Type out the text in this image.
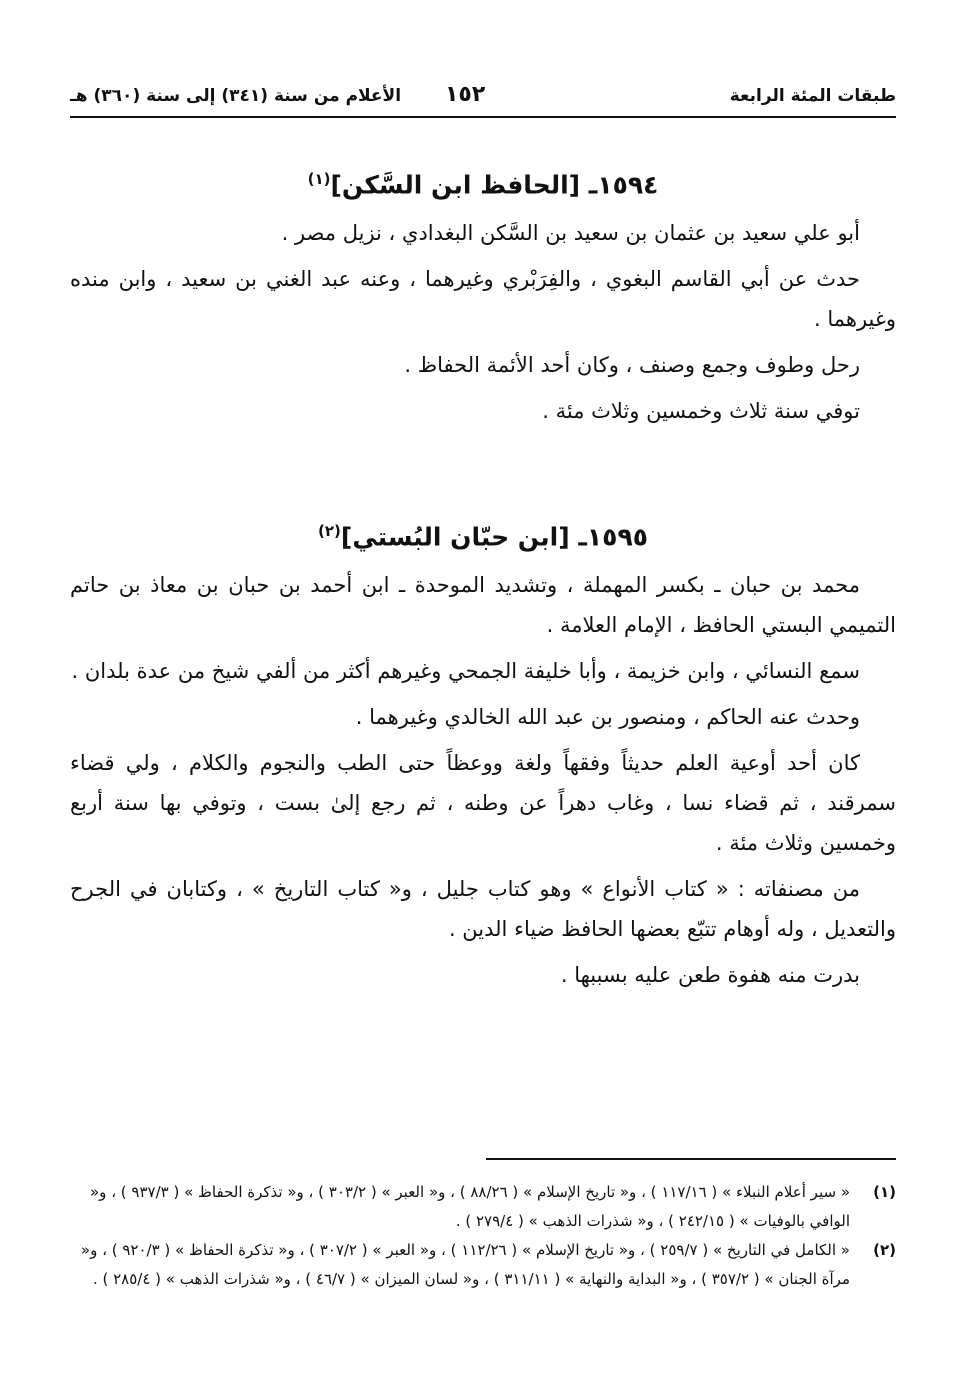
طبقات المئة الرابعة
١٥٢
الأعلام من سنة (٣٤١) إلى سنة (٣٦٠) هـ
١٥٩٤ـ [الحافظ ابن السَّكن]$^{(١)}$

أبو علي سعيد بن عثمان بن سعيد بن السَّكن البغدادي ، نزيل مصر .

حدث عن أبي القاسم البغوي ، والفِرَبْري وغيرهما ، وعنه عبد الغني بن سعيد ، وابن منده وغيرهما .

رحل وطوف وجمع وصنف ، وكان أحد الأئمة الحفاظ .

توفي سنة ثلاث وخمسين وثلاث مئة .

١٥٩٥ـ [ابن حبّان البُستي]$^{(٢)}$

محمد بن حبان ـ بكسر المهملة ، وتشديد الموحدة ـ ابن أحمد بن حبان بن معاذ بن حاتم التميمي البستي الحافظ ، الإمام العلامة .

سمع النسائي ، وابن خزيمة ، وأبا خليفة الجمحي وغيرهم أكثر من ألفي شيخ من عدة بلدان .

وحدث عنه الحاكم ، ومنصور بن عبد الله الخالدي وغيرهما .

كان أحد أوعية العلم حديثاً وفقهاً ولغة ووعظاً حتى الطب والنجوم والكلام ، ولي قضاء سمرقند ، ثم قضاء نسا ، وغاب دهراً عن وطنه ، ثم رجع إلىٰ بست ، وتوفي بها سنة أربع وخمسين وثلاث مئة .

من مصنفاته : « كتاب الأنواع » وهو كتاب جليل ، و« كتاب التاريخ » ، وكتابان في الجرح والتعديل ، وله أوهام تتبّع بعضها الحافظ ضياء الدين .

بدرت منه هفوة طعن عليه بسببها .

(١)
« سير أعلام النبلاء » ( ١١٧/١٦ ) ، و« تاريخ الإسلام » ( ٨٨/٢٦ ) ، و« العبر » ( ٣٠٣/٢ ) ، و« تذكرة الحفاظ » ( ٩٣٧/٣ ) ، و« الوافي بالوفيات » ( ٢٤٢/١٥ ) ، و« شذرات الذهب » ( ٢٧٩/٤ ) .

(٢)
« الكامل في التاريخ » ( ٢٥٩/٧ ) ، و« تاريخ الإسلام » ( ١١٢/٢٦ ) ، و« العبر » ( ٣٠٧/٢ ) ، و« تذكرة الحفاظ » ( ٩٢٠/٣ ) ، و« مرآة الجنان » ( ٣٥٧/٢ ) ، و« البداية والنهاية » ( ٣١١/١١ ) ، و« لسان الميزان » ( ٤٦/٧ ) ، و« شذرات الذهب » ( ٢٨٥/٤ ) .
